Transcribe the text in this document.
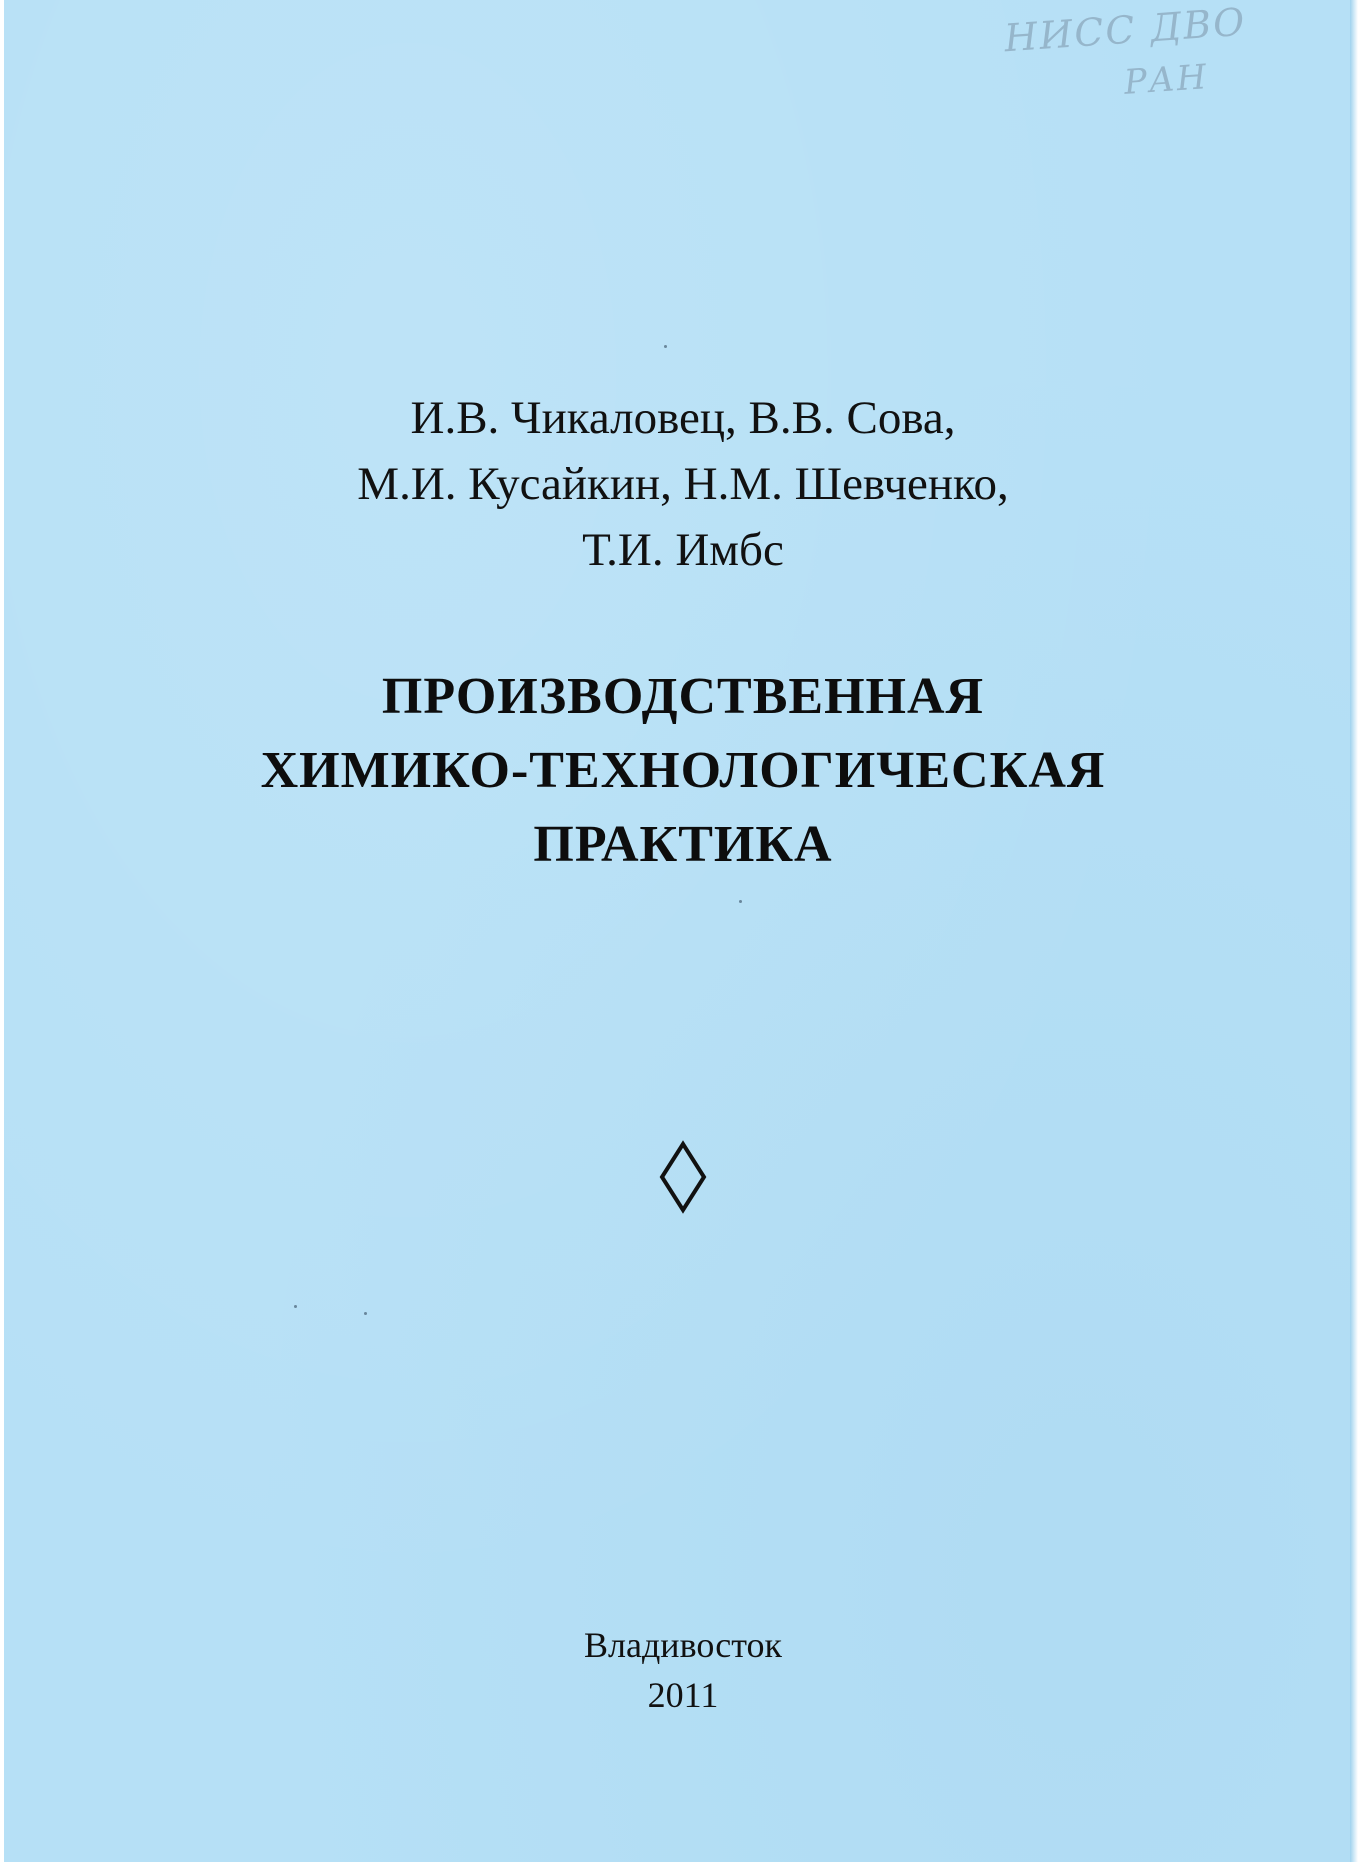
НИСС ДВО
РАН
И.В. Чикаловец, В.В. Сова,
М.И. Кусайкин, Н.М. Шевченко,
Т.И. Имбс
ПРОИЗВОДСТВЕННАЯ
ХИМИКО-ТЕХНОЛОГИЧЕСКАЯ
ПРАКТИКА
Владивосток
2011
